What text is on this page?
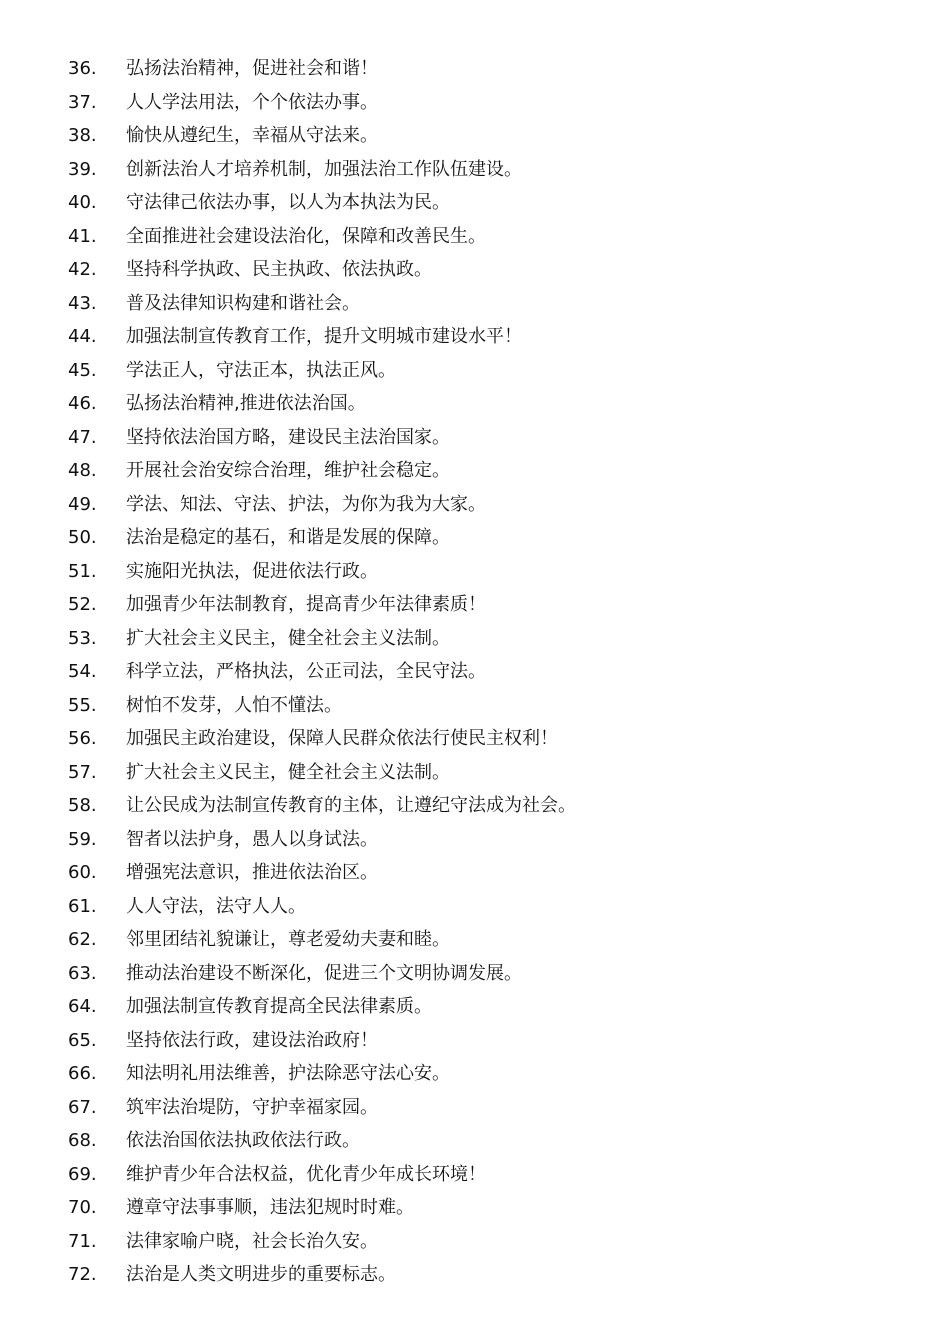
36. 弘扬法治精神，促进社会和谐！
37. 人人学法用法，个个依法办事。
38. 愉快从遵纪生，幸福从守法来。
39. 创新法治人才培养机制，加强法治工作队伍建设。
40. 守法律己依法办事，以人为本执法为民。
41. 全面推进社会建设法治化，保障和改善民生。
42. 坚持科学执政、民主执政、依法执政。
43. 普及法律知识构建和谐社会。
44. 加强法制宣传教育工作，提升文明城市建设水平！
45. 学法正人，守法正本，执法正风。
46. 弘扬法治精神,推进依法治国。
47. 坚持依法治国方略，建设民主法治国家。
48. 开展社会治安综合治理，维护社会稳定。
49. 学法、知法、守法、护法，为你为我为大家。
50. 法治是稳定的基石，和谐是发展的保障。
51. 实施阳光执法，促进依法行政。
52. 加强青少年法制教育，提高青少年法律素质！
53. 扩大社会主义民主，健全社会主义法制。
54. 科学立法，严格执法，公正司法，全民守法。
55. 树怕不发芽，人怕不懂法。
56. 加强民主政治建设，保障人民群众依法行使民主权利！
57. 扩大社会主义民主，健全社会主义法制。
58. 让公民成为法制宣传教育的主体，让遵纪守法成为社会。
59. 智者以法护身，愚人以身试法。
60. 增强宪法意识，推进依法治区。
61. 人人守法，法守人人。
62. 邻里团结礼貌谦让，尊老爱幼夫妻和睦。
63. 推动法治建设不断深化，促进三个文明协调发展。
64. 加强法制宣传教育提高全民法律素质。
65. 坚持依法行政，建设法治政府！
66. 知法明礼用法维善，护法除恶守法心安。
67. 筑牢法治堤防，守护幸福家园。
68. 依法治国依法执政依法行政。
69. 维护青少年合法权益，优化青少年成长环境！
70. 遵章守法事事顺，违法犯规时时难。
71. 法律家喻户晓，社会长治久安。
72. 法治是人类文明进步的重要标志。
